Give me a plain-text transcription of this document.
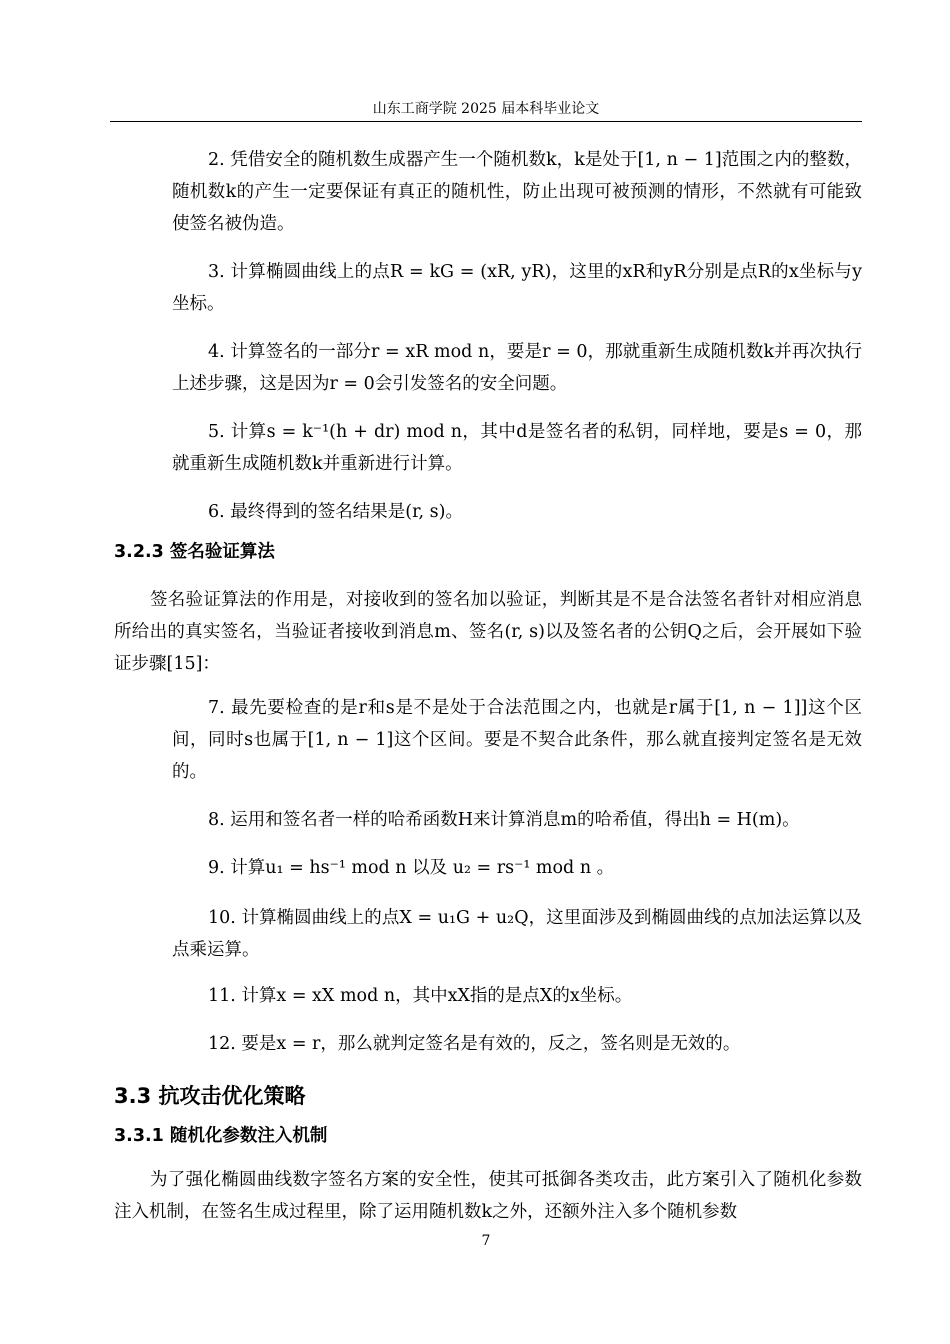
山东工商学院 2025 届本科毕业论文

2. 凭借安全的随机数生成器产生一个随机数k，k是处于[1, n − 1]范围之内的整数，随机数k的产生一定要保证有真正的随机性，防止出现可被预测的情形，不然就有可能致使签名被伪造。

3. 计算椭圆曲线上的点R = kG = (xR, yR)，这里的xR和yR分别是点R的x坐标与y坐标。

4. 计算签名的一部分r = xR mod n，要是r = 0，那就重新生成随机数k并再次执行上述步骤，这是因为r = 0会引发签名的安全问题。

5. 计算s = k⁻¹(h + dr) mod n，其中d是签名者的私钥，同样地，要是s = 0，那就重新生成随机数k并重新进行计算。

6. 最终得到的签名结果是(r, s)。

3.2.3 签名验证算法

签名验证算法的作用是，对接收到的签名加以验证，判断其是不是合法签名者针对相应消息所给出的真实签名，当验证者接收到消息m、签名(r, s)以及签名者的公钥Q之后，会开展如下验证步骤[15]：

7. 最先要检查的是r和s是不是处于合法范围之内，也就是r属于[1, n − 1]]这个区间，同时s也属于[1, n − 1]这个区间。要是不契合此条件，那么就直接判定签名是无效的。

8. 运用和签名者一样的哈希函数H来计算消息m的哈希值，得出h = H(m)。

9. 计算u₁ = hs⁻¹ mod n 以及 u₂ = rs⁻¹ mod n 。

10. 计算椭圆曲线上的点X = u₁G + u₂Q，这里面涉及到椭圆曲线的点加法运算以及点乘运算。

11. 计算x = xX mod n，其中xX指的是点X的x坐标。

12. 要是x = r，那么就判定签名是有效的，反之，签名则是无效的。

3.3 抗攻击优化策略
3.3.1 随机化参数注入机制

为了强化椭圆曲线数字签名方案的安全性，使其可抵御各类攻击，此方案引入了随机化参数注入机制，在签名生成过程里，除了运用随机数k之外，还额外注入多个随机参数

7
